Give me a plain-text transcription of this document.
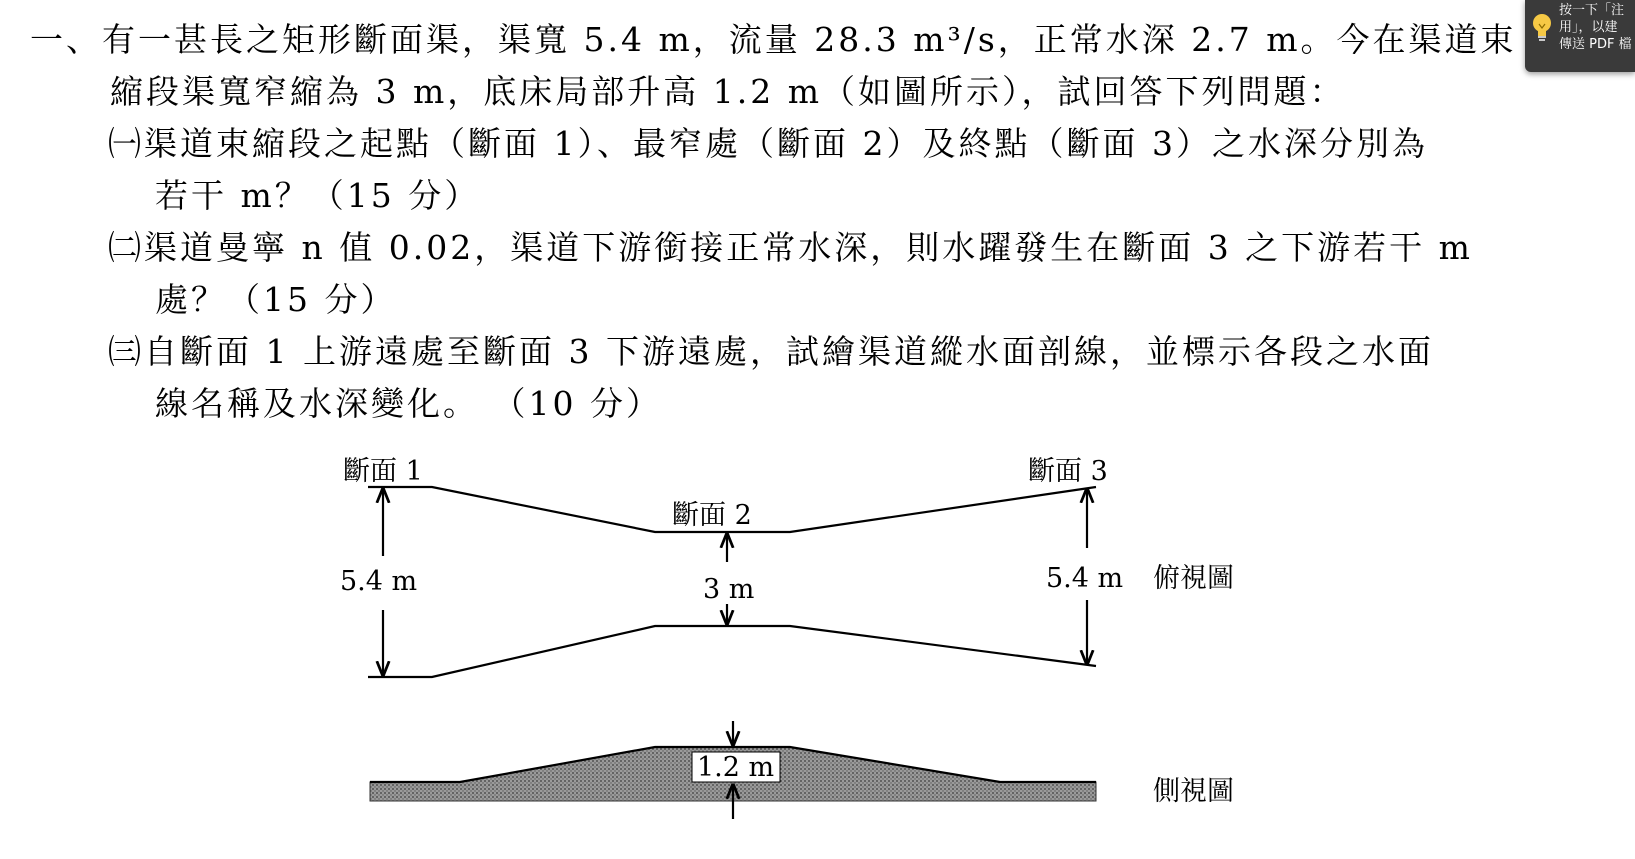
一、有一甚長之矩形斷面渠，渠寬 5.4 m，流量 28.3 m³/s，正常水深 2.7 m。今在渠道束
縮段渠寬窄縮為 3 m，底床局部升高 1.2 m（如圖所示），試回答下列問題：
㈠渠道束縮段之起點（斷面 1）、最窄處（斷面 2）及終點（斷面 3）之水深分別為
若干 m？（15 分）
㈡渠道曼寧 n 值 0.02，渠道下游銜接正常水深，則水躍發生在斷面 3 之下游若干 m
處？（15 分）
㈢自斷面 1 上游遠處至斷面 3 下游遠處，試繪渠道縱水面剖線，並標示各段之水面
線名稱及水深變化。 （10 分）
按一下「注
用」，以建
傳送 PDF 檔
斷面 1
斷面 2
斷面 3
5.4 m	3 m	5.4 m 俯視圖
側視圖
1.2 m
